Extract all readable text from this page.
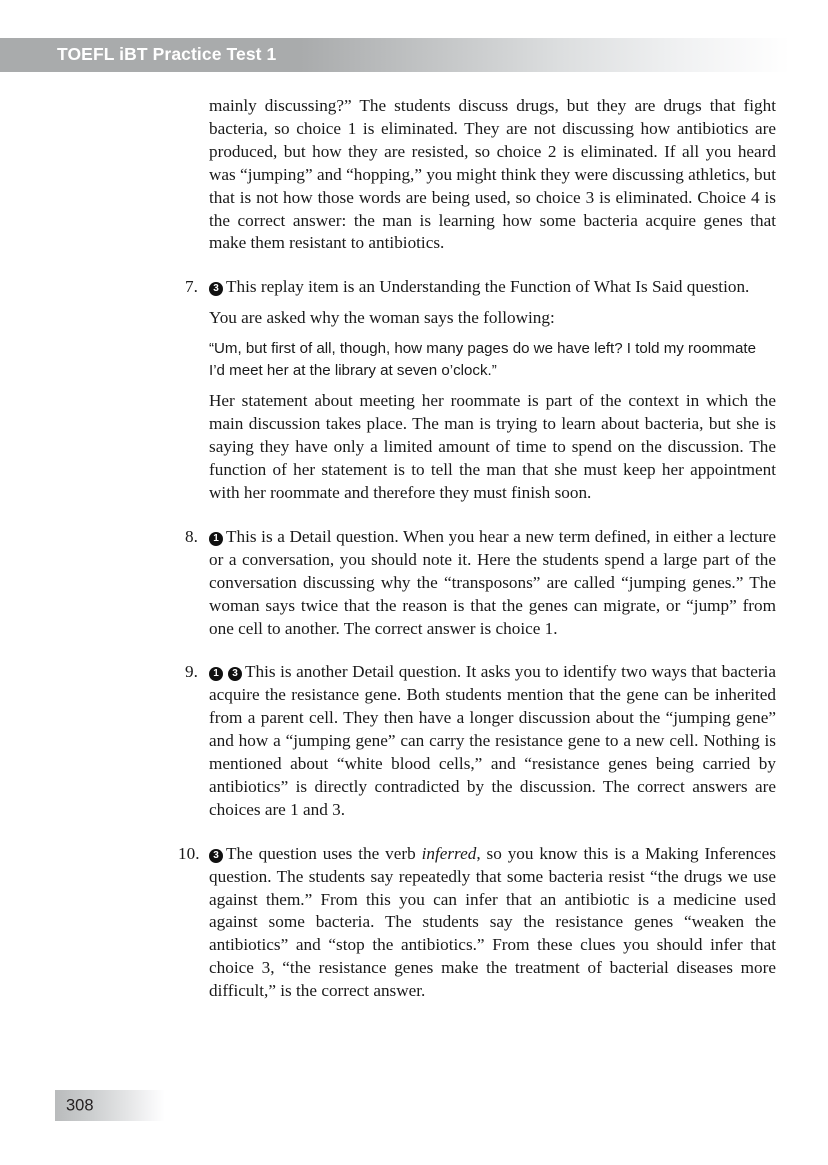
TOEFL iBT Practice Test 1

mainly discussing?” The students discuss drugs, but they are drugs that fight bacteria, so choice 1 is eliminated. They are not discussing how antibiotics are produced, but how they are resisted, so choice 2 is eliminated. If all you heard was “jumping” and “hopping,” you might think they were discussing athletics, but that is not how those words are being used, so choice 3 is eliminated. Choice 4 is the correct answer: the man is learning how some bacteria acquire genes that make them resistant to antibiotics.

7.	3 This replay item is an Understanding the Function of What Is Said question.

You are asked why the woman says the following:

“Um, but first of all, though, how many pages do we have left? I told my roommate I’d meet her at the library at seven o’clock.”

Her statement about meeting her roommate is part of the context in which the main discussion takes place. The man is trying to learn about bacteria, but she is saying they have only a limited amount of time to spend on the discussion. The function of her statement is to tell the man that she must keep her appointment with her roommate and therefore they must finish soon.

8.	1 This is a Detail question. When you hear a new term defined, in either a lecture or a conversation, you should note it. Here the students spend a large part of the conversation discussing why the “transposons” are called “jumping genes.” The woman says twice that the reason is that the genes can migrate, or “jump” from one cell to another. The correct answer is choice 1.

9.	1 3 This is another Detail question. It asks you to identify two ways that bacteria acquire the resistance gene. Both students mention that the gene can be inherited from a parent cell. They then have a longer discussion about the “jumping gene” and how a “jumping gene” can carry the resistance gene to a new cell. Nothing is mentioned about “white blood cells,” and “resistance genes being carried by antibiotics” is directly contradicted by the discussion. The correct answers are choices are 1 and 3.

10.	3 The question uses the verb inferred, so you know this is a Making Inferences question. The students say repeatedly that some bacteria resist “the drugs we use against them.” From this you can infer that an antibiotic is a medicine used against some bacteria. The students say the resistance genes “weaken the antibiotics” and “stop the antibiotics.” From these clues you should infer that choice 3, “the resistance genes make the treatment of bacterial diseases more difficult,” is the correct answer.

308
